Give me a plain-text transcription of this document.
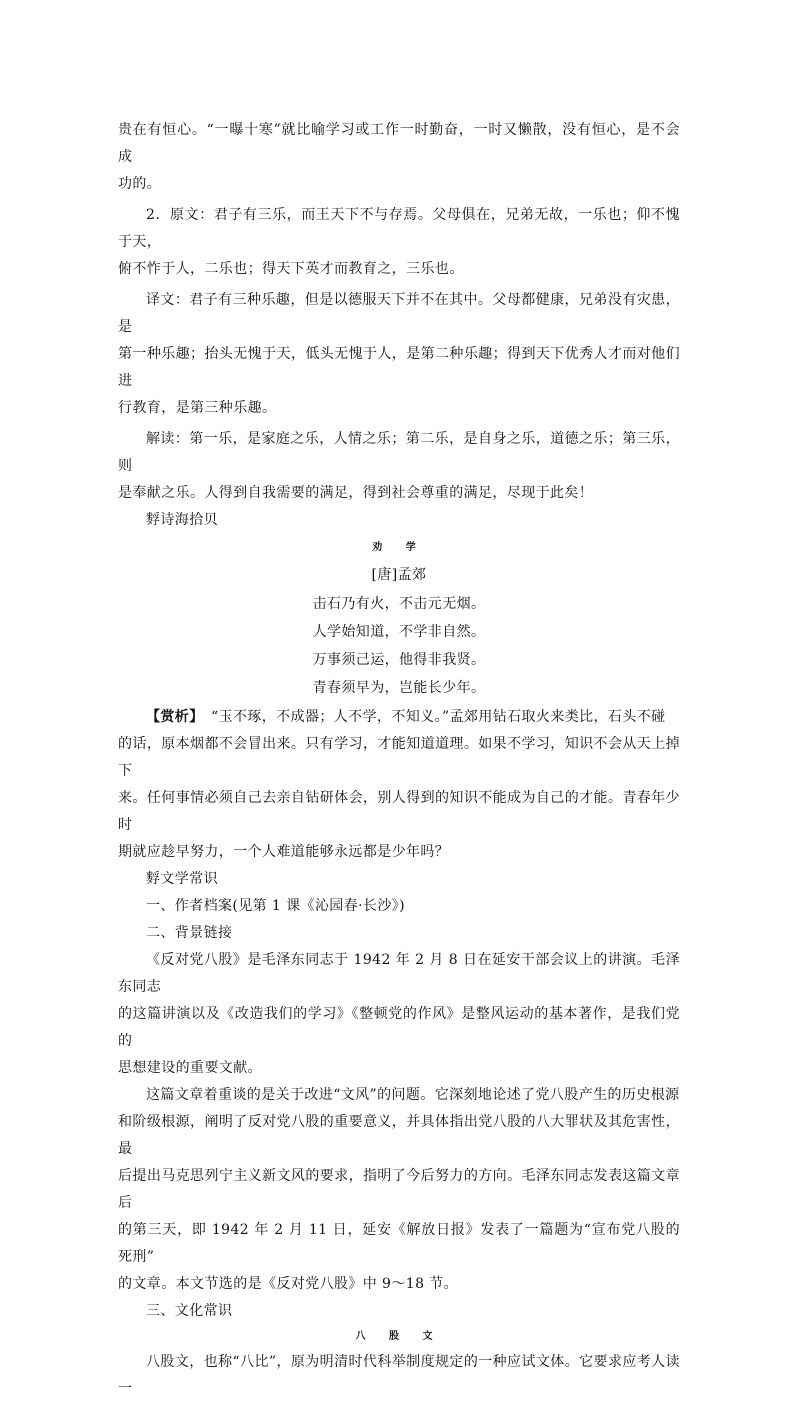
贵在有恒心。“一曝十寒”就比喻学习或工作一时勤奋，一时又懒散，没有恒心，是不会成

功的。

2．原文：君子有三乐，而王天下不与存焉。父母俱在，兄弟无故，一乐也；仰不愧于天，

俯不怍于人，二乐也；得天下英才而教育之，三乐也。

译文：君子有三种乐趣，但是以德服天下并不在其中。父母都健康，兄弟没有灾患，是

第一种乐趣；抬头无愧于天，低头无愧于人，是第二种乐趣；得到天下优秀人才而对他们进

行教育，是第三种乐趣。

解读：第一乐，是家庭之乐，人情之乐；第二乐，是自身之乐，道德之乐；第三乐，则

是奉献之乐。人得到自我需要的满足，得到社会尊重的满足，尽现于此矣！

䴸诗海拾贝

劝 学

[唐]孟郊

击石乃有火，不击元无烟。

人学始知道，不学非自然。

万事须己运，他得非我贤。

青春须早为，岂能长少年。

【赏析】　“玉不琢，不成器；人不学，不知义。”孟郊用钻石取火来类比，石头不碰

的话，原本烟都不会冒出来。只有学习，才能知道道理。如果不学习，知识不会从天上掉下

来。任何事情必须自己去亲自钻研体会，别人得到的知识不能成为自己的才能。青春年少时

期就应趁早努力，一个人难道能够永远都是少年吗？

䴸文学常识

一、作者档案(见第 1 课《沁园春·长沙》)

二、背景链接

《反对党八股》是毛泽东同志于 1942 年 2 月 8 日在延安干部会议上的讲演。毛泽东同志

的这篇讲演以及《改造我们的学习》《整顿党的作风》是整风运动的基本著作，是我们党的

思想建设的重要文献。

这篇文章着重谈的是关于改进“文风”的问题。它深刻地论述了党八股产生的历史根源

和阶级根源，阐明了反对党八股的重要意义，并具体指出党八股的八大罪状及其危害性，最

后提出马克思列宁主义新文风的要求，指明了今后努力的方向。毛泽东同志发表这篇文章后

的第三天，即 1942 年 2 月 11 日，延安《解放日报》发表了一篇题为“宣布党八股的死刑”

的文章。本文节选的是《反对党八股》中 9～18 节。

三、文化常识

八 股 文

八股文，也称“八比”，原为明清时代科举制度规定的一种应试文体。它要求应考人读一
